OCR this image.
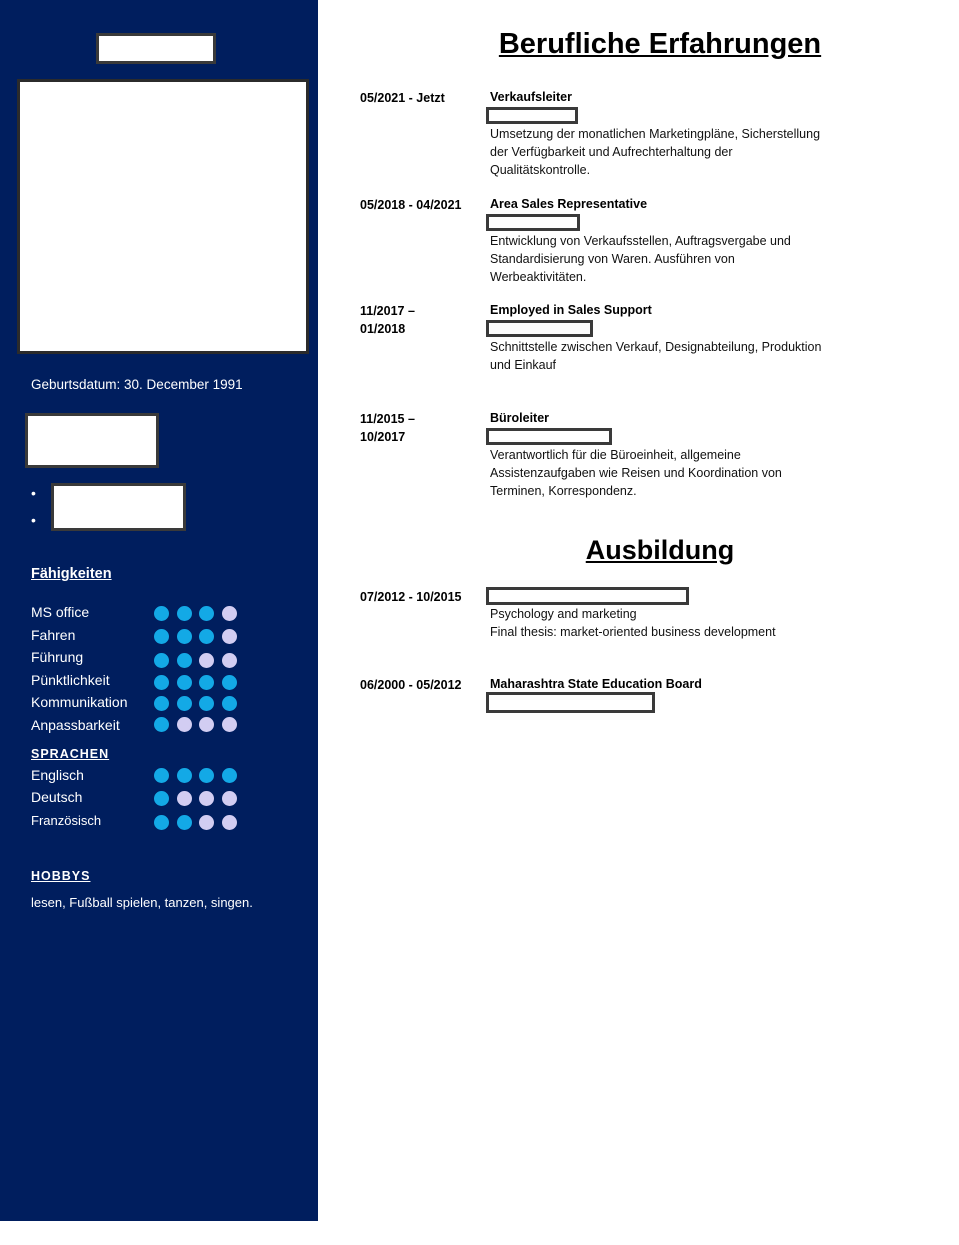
Geburtsdatum: 30. December 1991
•
•
Fähigkeiten
MS office
Fahren
Führung
Pünktlichkeit
Kommunikation
Anpassbarkeit
SPRACHEN
Englisch
Deutsch
Französisch
HOBBYS
lesen, Fußball spielen, tanzen, singen.
Berufliche Erfahrungen
05/2021 - Jetzt	Verkaufsleiter
Umsetzung der monatlichen Marketingpläne, Sicherstellung der Verfügbarkeit und Aufrechterhaltung der Qualitätskontrolle.
05/2018 - 04/2021 Area Sales Representative
Entwicklung von Verkaufsstellen, Auftragsvergabe und Standardisierung von Waren. Ausführen von Werbeaktivitäten.
11/2017 –
01/2018
Employed in Sales Support
Schnittstelle zwischen Verkauf, Designabteilung, Produktion und Einkauf
11/2015 –
10/2017
Büroleiter
Verantwortlich für die Büroeinheit, allgemeine Assistenzaufgaben wie Reisen und Koordination von Terminen, Korrespondenz.
Ausbildung
07/2012 - 10/2015
Psychology and marketing
Final thesis: market-oriented business development
06/2000 - 05/2012 Maharashtra State Education Board
